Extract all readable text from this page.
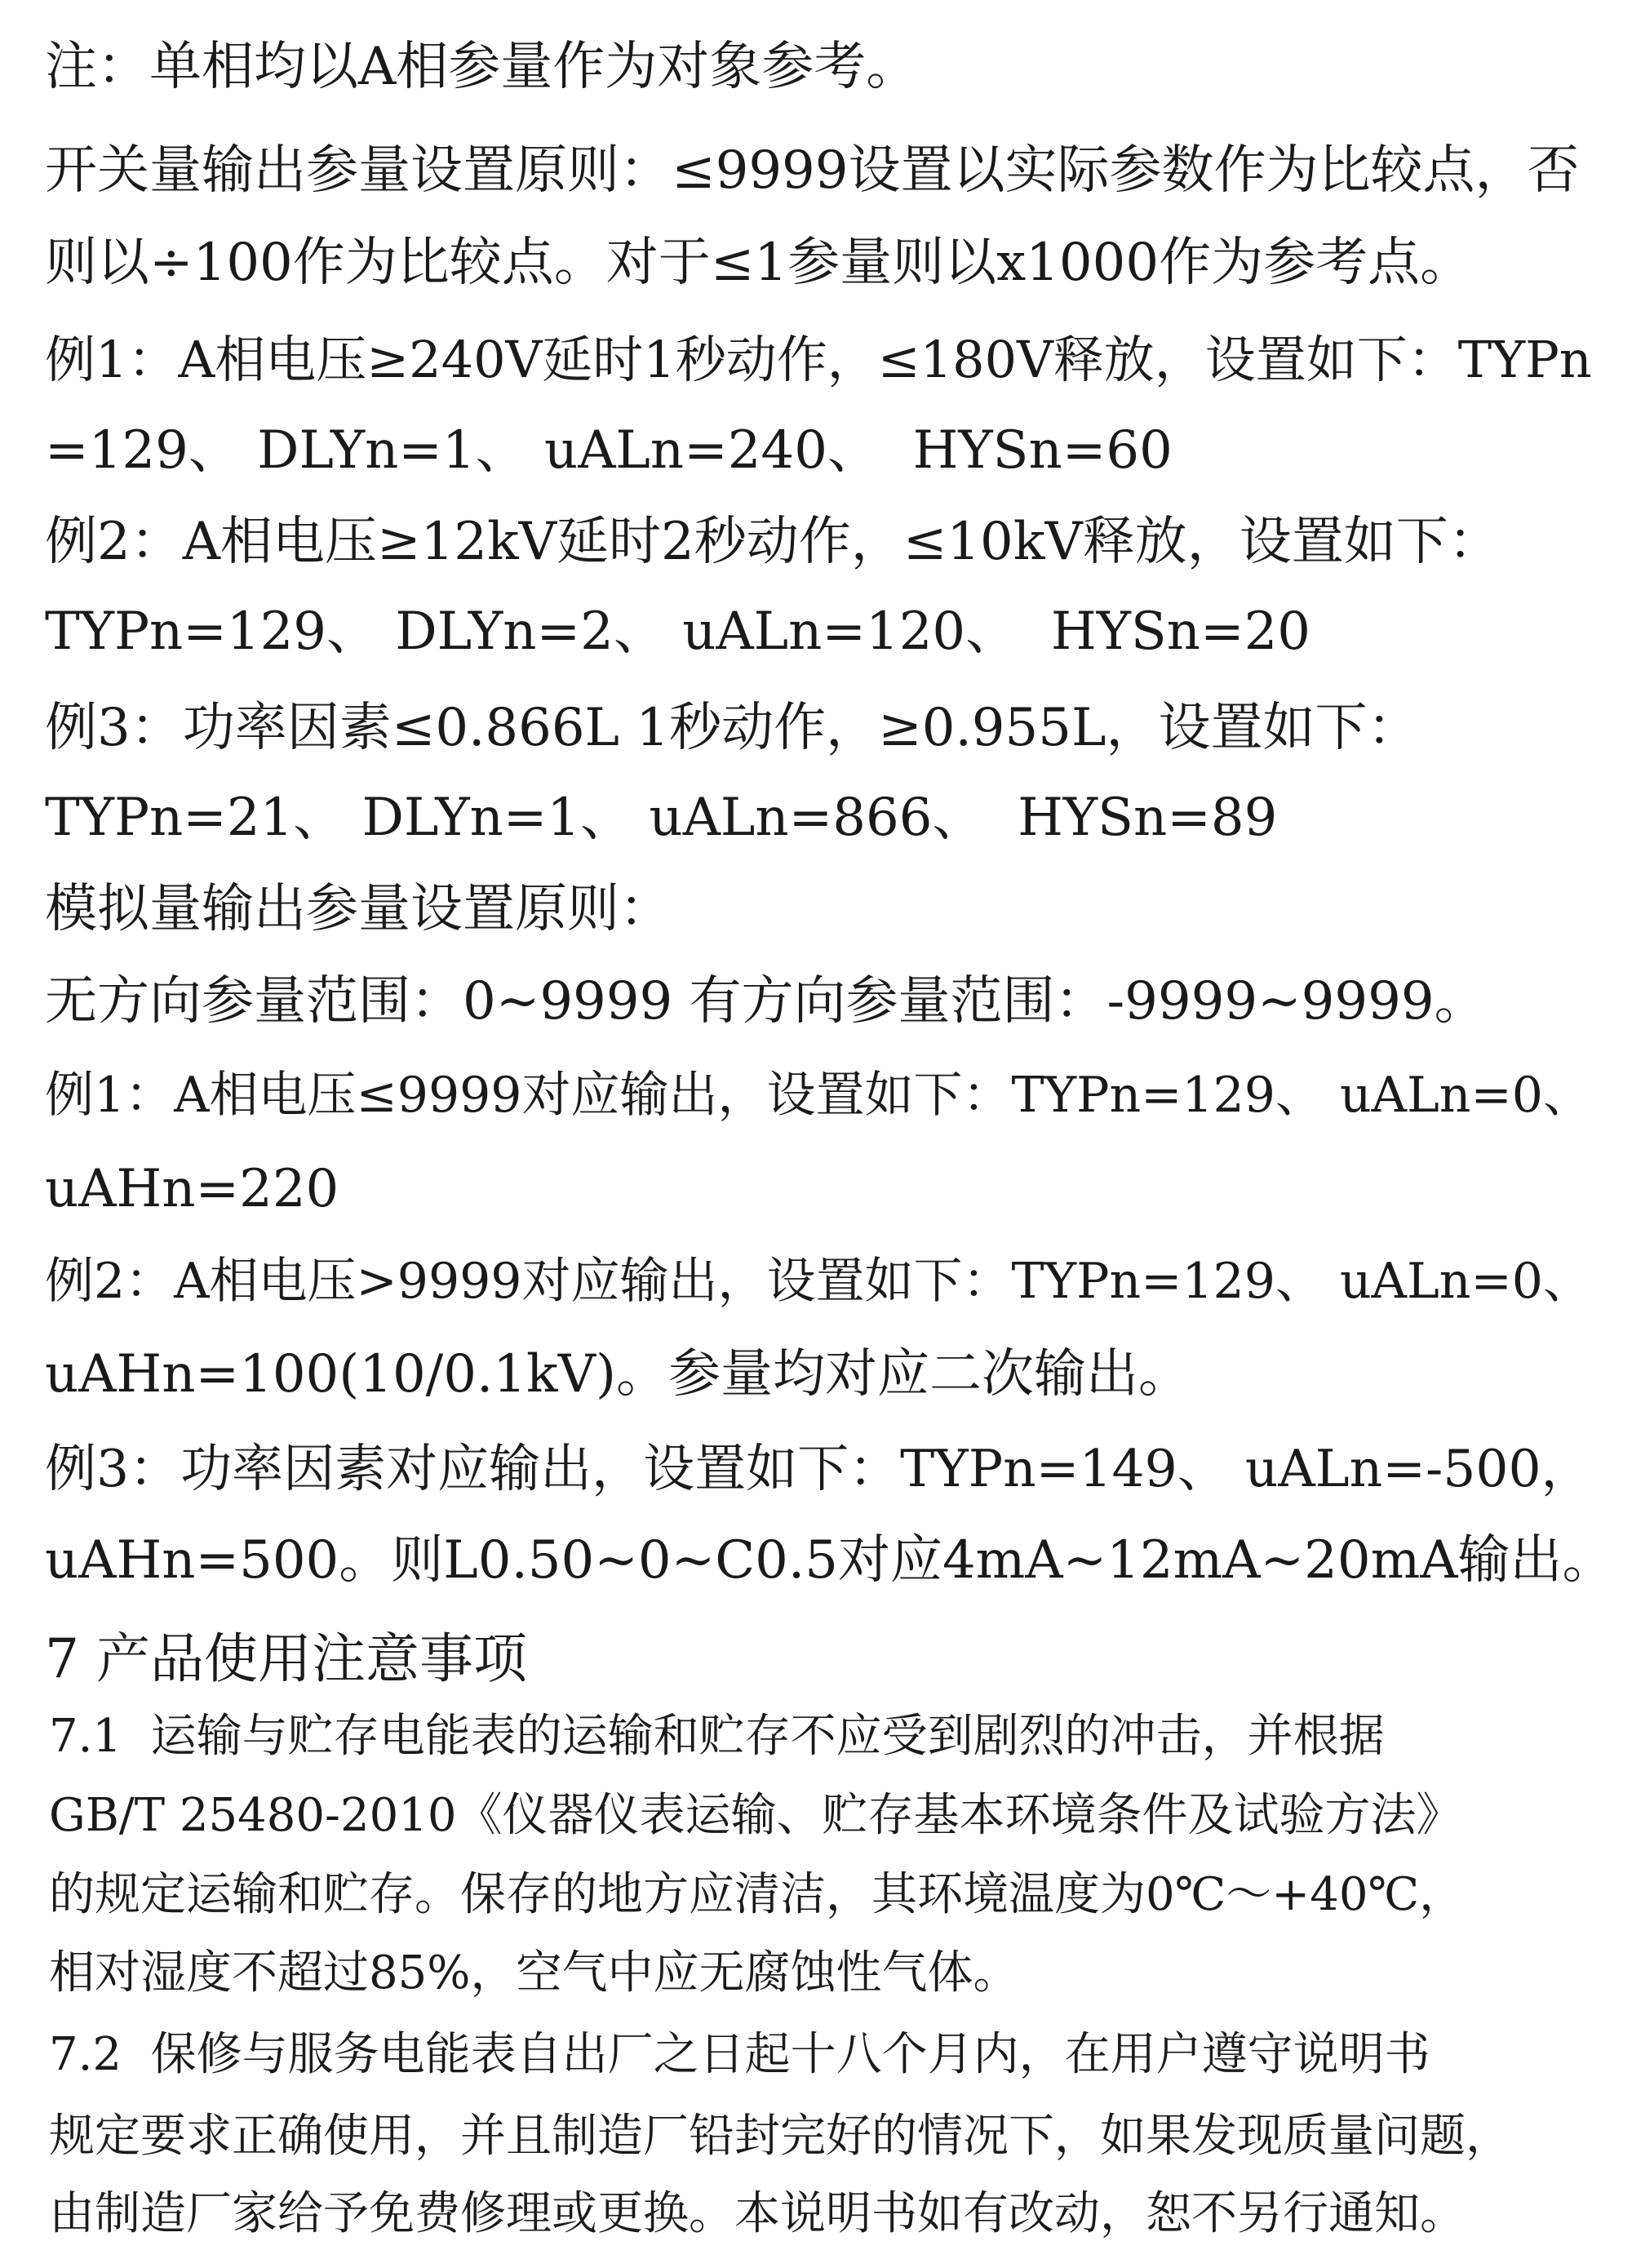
注：单相均以A相参量作为对象参考。
开关量输出参量设置原则：≤9999设置以实际参数作为比较点，否
则以÷100作为比较点。对于≤1参量则以x1000作为参考点。
例1：A相电压≥240V延时1秒动作，≤180V释放，设置如下：TYPn
=129、 DLYn=1、 uALn=240、  HYSn=60
例2：A相电压≥12kV延时2秒动作，≤10kV释放，设置如下：
TYPn=129、 DLYn=2、 uALn=120、  HYSn=20
例3：功率因素≤0.866L 1秒动作，≥0.955L，设置如下：
TYPn=21、 DLYn=1、 uALn=866、  HYSn=89
模拟量输出参量设置原则：
无方向参量范围：0~9999 有方向参量范围：-9999~9999。
例1：A相电压≤9999对应输出，设置如下：TYPn=129、 uALn=0、
uAHn=220
例2：A相电压>9999对应输出，设置如下：TYPn=129、 uALn=0、
uAHn=100(10/0.1kV)。参量均对应二次输出。
例3：功率因素对应输出，设置如下：TYPn=149、 uALn=-500，
uAHn=500。则L0.50~0~C0.5对应4mA~12mA~20mA输出。
7 产品使用注意事项
7.1  运输与贮存电能表的运输和贮存不应受到剧烈的冲击，并根据
GB/T 25480-2010《仪器仪表运输、贮存基本环境条件及试验方法》
的规定运输和贮存。保存的地方应清洁，其环境温度为0℃～+40℃，
相对湿度不超过85%，空气中应无腐蚀性气体。
7.2  保修与服务电能表自出厂之日起十八个月内，在用户遵守说明书
规定要求正确使用，并且制造厂铅封完好的情况下，如果发现质量问题，
由制造厂家给予免费修理或更换。本说明书如有改动，恕不另行通知。
